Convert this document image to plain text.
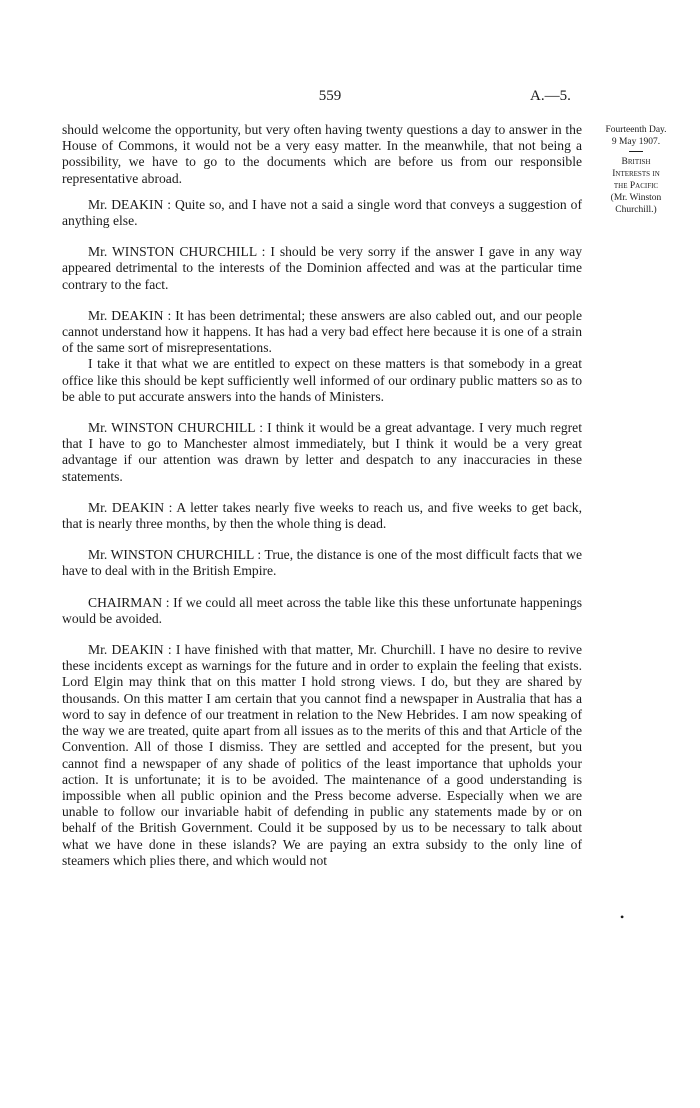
559	A.—5.
Fourteenth Day.
9 May 1907.
British
Interests in
the Pacific
(Mr. Winston
Churchill.)

should welcome the opportunity, but very often having twenty questions a day to answer in the House of Commons, it would not be a very easy matter. In the meanwhile, that not being a possibility, we have to go to the documents which are before us from our responsible representative abroad.

Mr. DEAKIN : Quite so, and I have not a said a single word that conveys a suggestion of anything else.

Mr. WINSTON CHURCHILL : I should be very sorry if the answer I gave in any way appeared detrimental to the interests of the Dominion affected and was at the particular time contrary to the fact.

Mr. DEAKIN : It has been detrimental; these answers are also cabled out, and our people cannot understand how it happens. It has had a very bad effect here because it is one of a strain of the same sort of misrepresentations.

I take it that what we are entitled to expect on these matters is that somebody in a great office like this should be kept sufficiently well informed of our ordinary public matters so as to be able to put accurate answers into the hands of Ministers.

Mr. WINSTON CHURCHILL : I think it would be a great advantage. I very much regret that I have to go to Manchester almost immediately, but I think it would be a very great advantage if our attention was drawn by letter and despatch to any inaccuracies in these statements.

Mr. DEAKIN : A letter takes nearly five weeks to reach us, and five weeks to get back, that is nearly three months, by then the whole thing is dead.

Mr. WINSTON CHURCHILL : True, the distance is one of the most difficult facts that we have to deal with in the British Empire.

CHAIRMAN : If we could all meet across the table like this these unfortunate happenings would be avoided.

Mr. DEAKIN : I have finished with that matter, Mr. Churchill. I have no desire to revive these incidents except as warnings for the future and in order to explain the feeling that exists. Lord Elgin may think that on this matter I hold strong views. I do, but they are shared by thousands. On this matter I am certain that you cannot find a newspaper in Australia that has a word to say in defence of our treatment in relation to the New Hebrides. I am now speaking of the way we are treated, quite apart from all issues as to the merits of this and that Article of the Convention. All of those I dismiss. They are settled and accepted for the present, but you cannot find a newspaper of any shade of politics of the least importance that upholds your action. It is unfortunate; it is to be avoided. The maintenance of a good understanding is impossible when all public opinion and the Press become adverse. Especially when we are unable to follow our invariable habit of defending in public any statements made by or on behalf of the British Government. Could it be supposed by us to be necessary to talk about what we have done in these islands? We are paying an extra subsidy to the only line of steamers which plies there, and which would not

•
